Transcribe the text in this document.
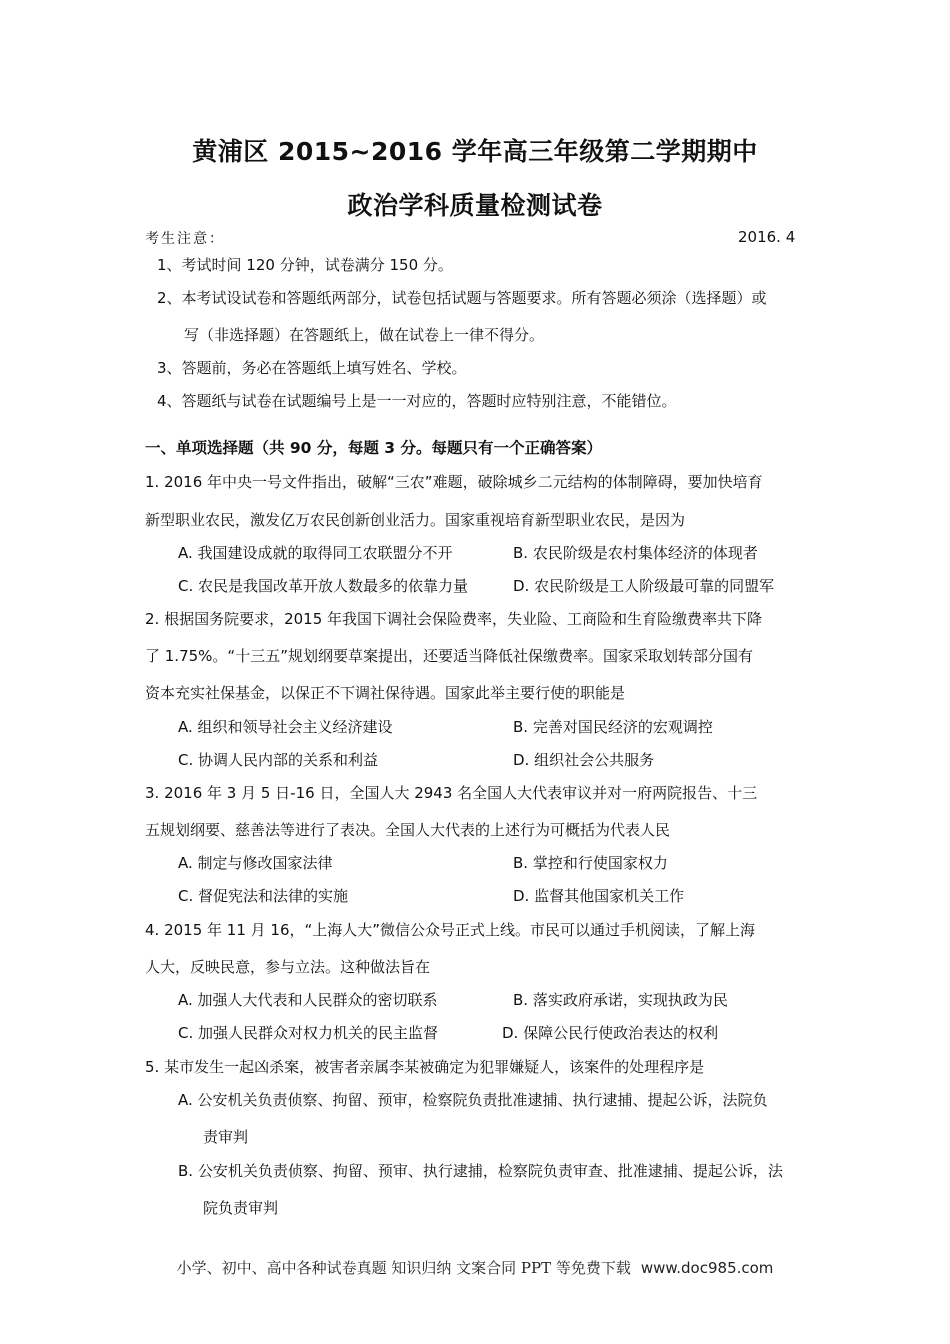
黄浦区 2015~2016 学年高三年级第二学期期中
政治学科质量检测试卷
考生注意：	2016. 4
1、考试时间 120 分钟，试卷满分 150 分。
2、本考试设试卷和答题纸两部分，试卷包括试题与答题要求。所有答题必须涂（选择题）或
写（非选择题）在答题纸上，做在试卷上一律不得分。
3、答题前，务必在答题纸上填写姓名、学校。
4、答题纸与试卷在试题编号上是一一对应的，答题时应特别注意，不能错位。
一、单项选择题（共 90 分，每题 3 分。每题只有一个正确答案）
1. 2016 年中央一号文件指出，破解“三农”难题，破除城乡二元结构的体制障碍，要加快培育
新型职业农民，激发亿万农民创新创业活力。国家重视培育新型职业农民，是因为
A. 我国建设成就的取得同工农联盟分不开	B. 农民阶级是农村集体经济的体现者
C. 农民是我国改革开放人数最多的依靠力量	D. 农民阶级是工人阶级最可靠的同盟军
2. 根据国务院要求，2015 年我国下调社会保险费率，失业险、工商险和生育险缴费率共下降
了 1.75%。“十三五”规划纲要草案提出，还要适当降低社保缴费率。国家采取划转部分国有
资本充实社保基金，以保正不下调社保待遇。国家此举主要行使的职能是
A. 组织和领导社会主义经济建设	B. 完善对国民经济的宏观调控
C. 协调人民内部的关系和利益	D. 组织社会公共服务
3. 2016 年 3 月 5 日-16 日，全国人大 2943 名全国人大代表审议并对一府两院报告、十三
五规划纲要、慈善法等进行了表决。全国人大代表的上述行为可概括为代表人民
A. 制定与修改国家法律	B. 掌控和行使国家权力
C. 督促宪法和法律的实施	D. 监督其他国家机关工作
4. 2015 年 11 月 16，“上海人大”微信公众号正式上线。市民可以通过手机阅读，了解上海
人大，反映民意，参与立法。这种做法旨在
A. 加强人大代表和人民群众的密切联系	B. 落实政府承诺，实现执政为民
C. 加强人民群众对权力机关的民主监督	D. 保障公民行使政治表达的权利
5. 某市发生一起凶杀案，被害者亲属李某被确定为犯罪嫌疑人，该案件的处理程序是
A. 公安机关负责侦察、拘留、预审，检察院负责批准逮捕、执行逮捕、提起公诉，法院负
责审判
B. 公安机关负责侦察、拘留、预审、执行逮捕，检察院负责审查、批准逮捕、提起公诉，法
院负责审判
小学、初中、高中各种试卷真题 知识归纳 文案合同 PPT 等免费下载 www.doc985.com
